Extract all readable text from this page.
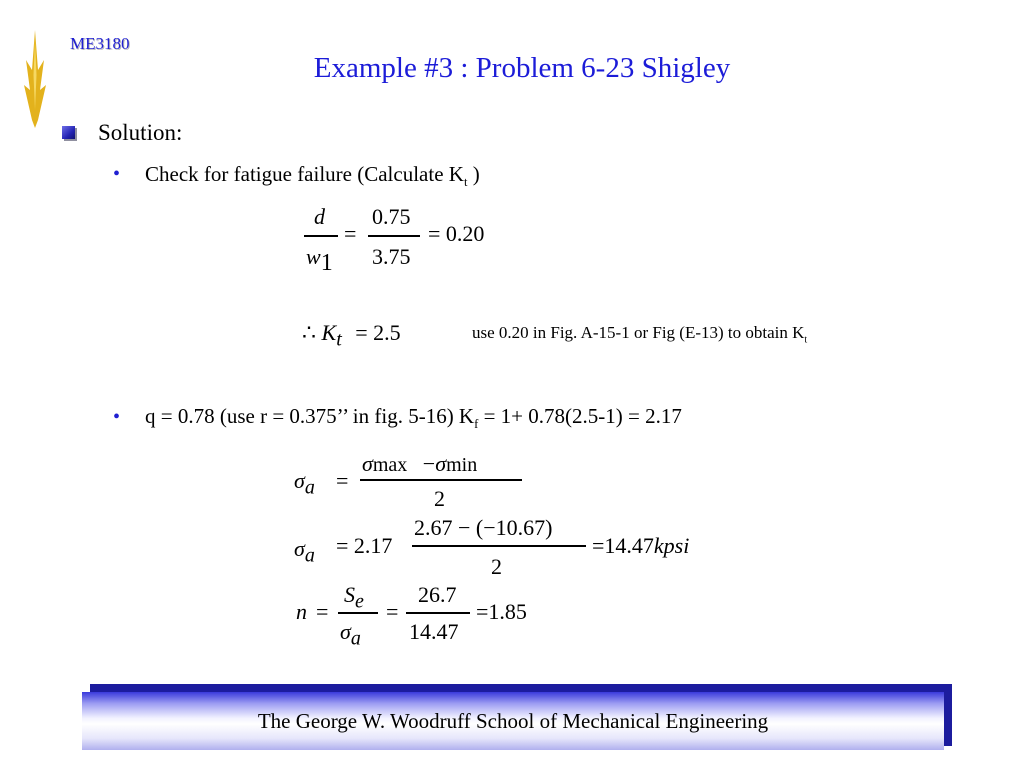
ME3180
Example #3 : Problem 6-23 Shigley
Solution:
• Check for fatigue failure (Calculate $K_t$ )
d
w1
=
0.75
3.75
= 0.20
∴ $K_t = 2.5$	use 0.20 in Fig. A-15-1 or Fig (E-13) to obtain $K_t$
• q = 0.78 (use r = 0.375’’ in fig. 5-16) $K_f = 1+ 0.78(2.5-1) = 2.17$
$\sigma_a$ =
σmax −σmin
2
$\sigma_a = 2.17$
2.67 − (−10.67)
2
=14.47kpsi
n =
$S_e$
$\sigma_a$
=
26.7
14.47
=1.85
The George W. Woodruff School of Mechanical Engineering
